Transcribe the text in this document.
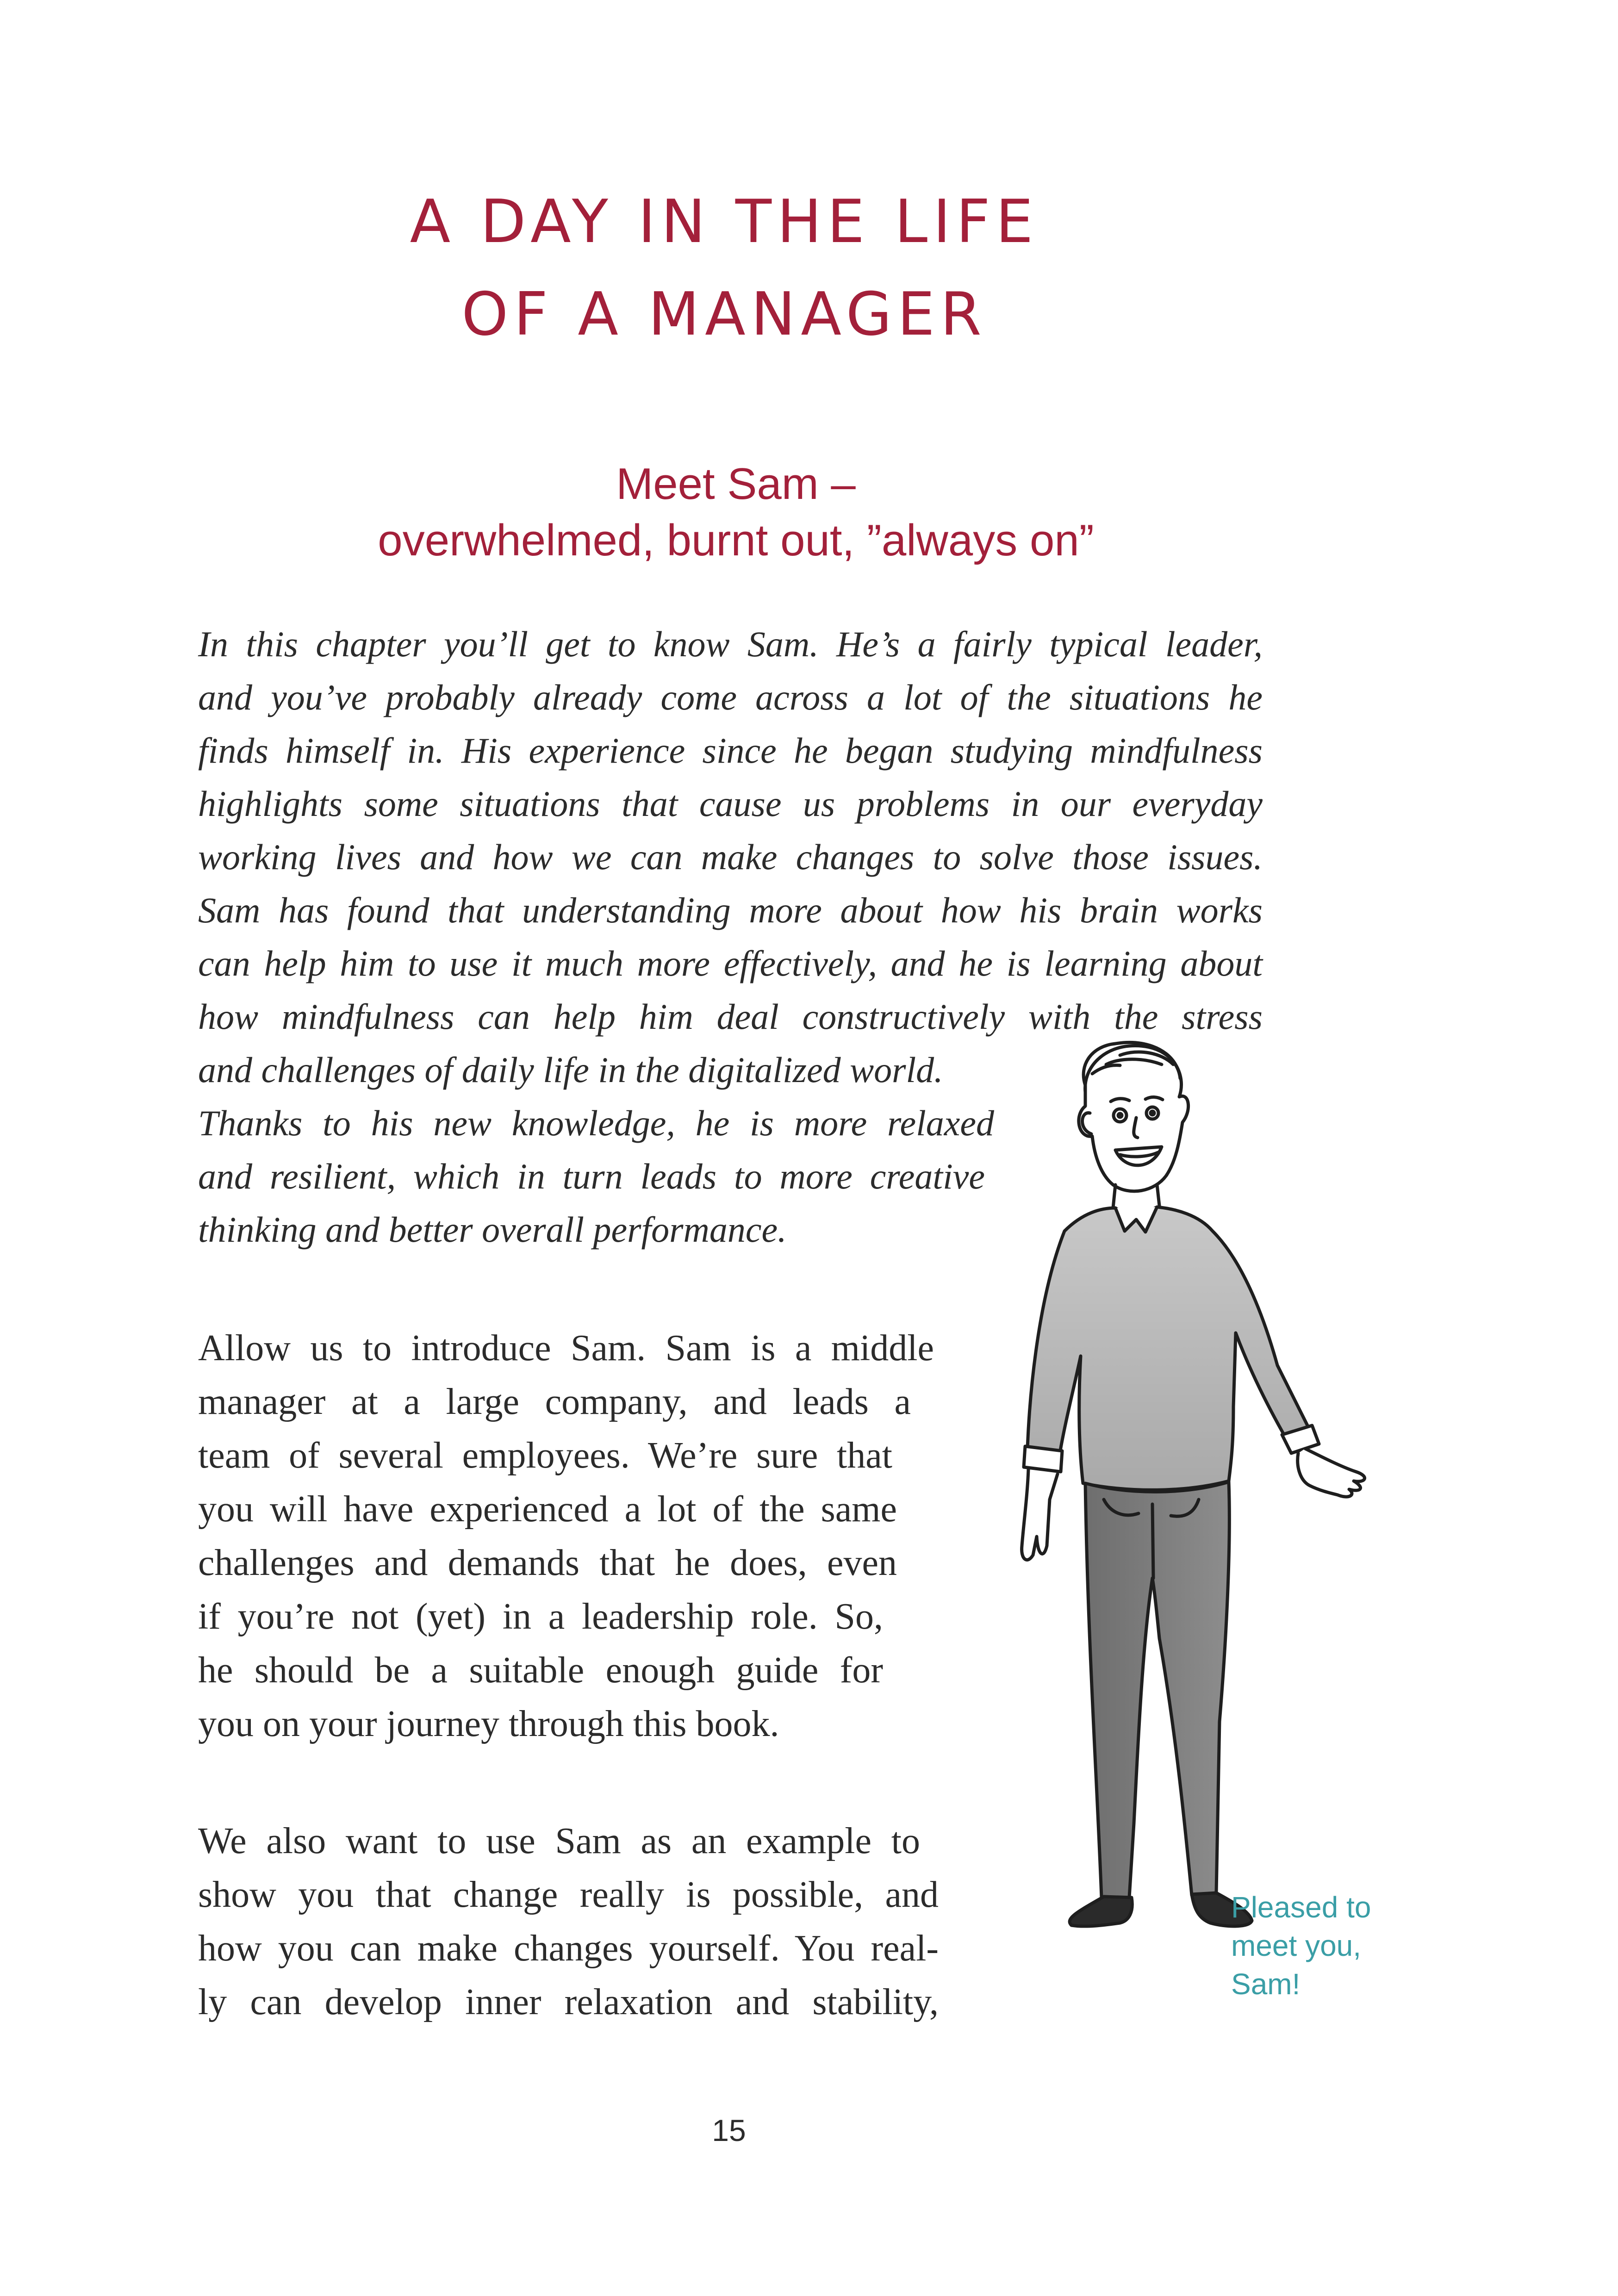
A DAY IN THE LIFE
OF A MANAGER
Meet Sam –
overwhelmed, burnt out, ”always on”
In this chapter you’ll get to know Sam. He’s a fairly typical leader,
and you’ve probably already come across a lot of the situations he
finds himself in. His experience since he began studying mindfulness
highlights some situations that cause us problems in our everyday
working lives and how we can make changes to solve those issues.
Sam has found that understanding more about how his brain works
can help him to use it much more effectively, and he is learning about
how mindfulness can help him deal constructively with the stress
and challenges of daily life in the digitalized world.
Thanks to his new knowledge, he is more relaxed
and resilient, which in turn leads to more creative
thinking and better overall performance.
Allow us to introduce Sam. Sam is a middle
manager at a large company, and leads a
team of several employees. We’re sure that
you will have experienced a lot of the same
challenges and demands that he does, even
if you’re not (yet) in a leadership role. So,
he should be a suitable enough guide for
you on your journey through this book.
We also want to use Sam as an example to
show you that change really is possible, and
how you can make changes yourself. You real-
ly can develop inner relaxation and stability,
Pleased to
meet you,
Sam!
15
